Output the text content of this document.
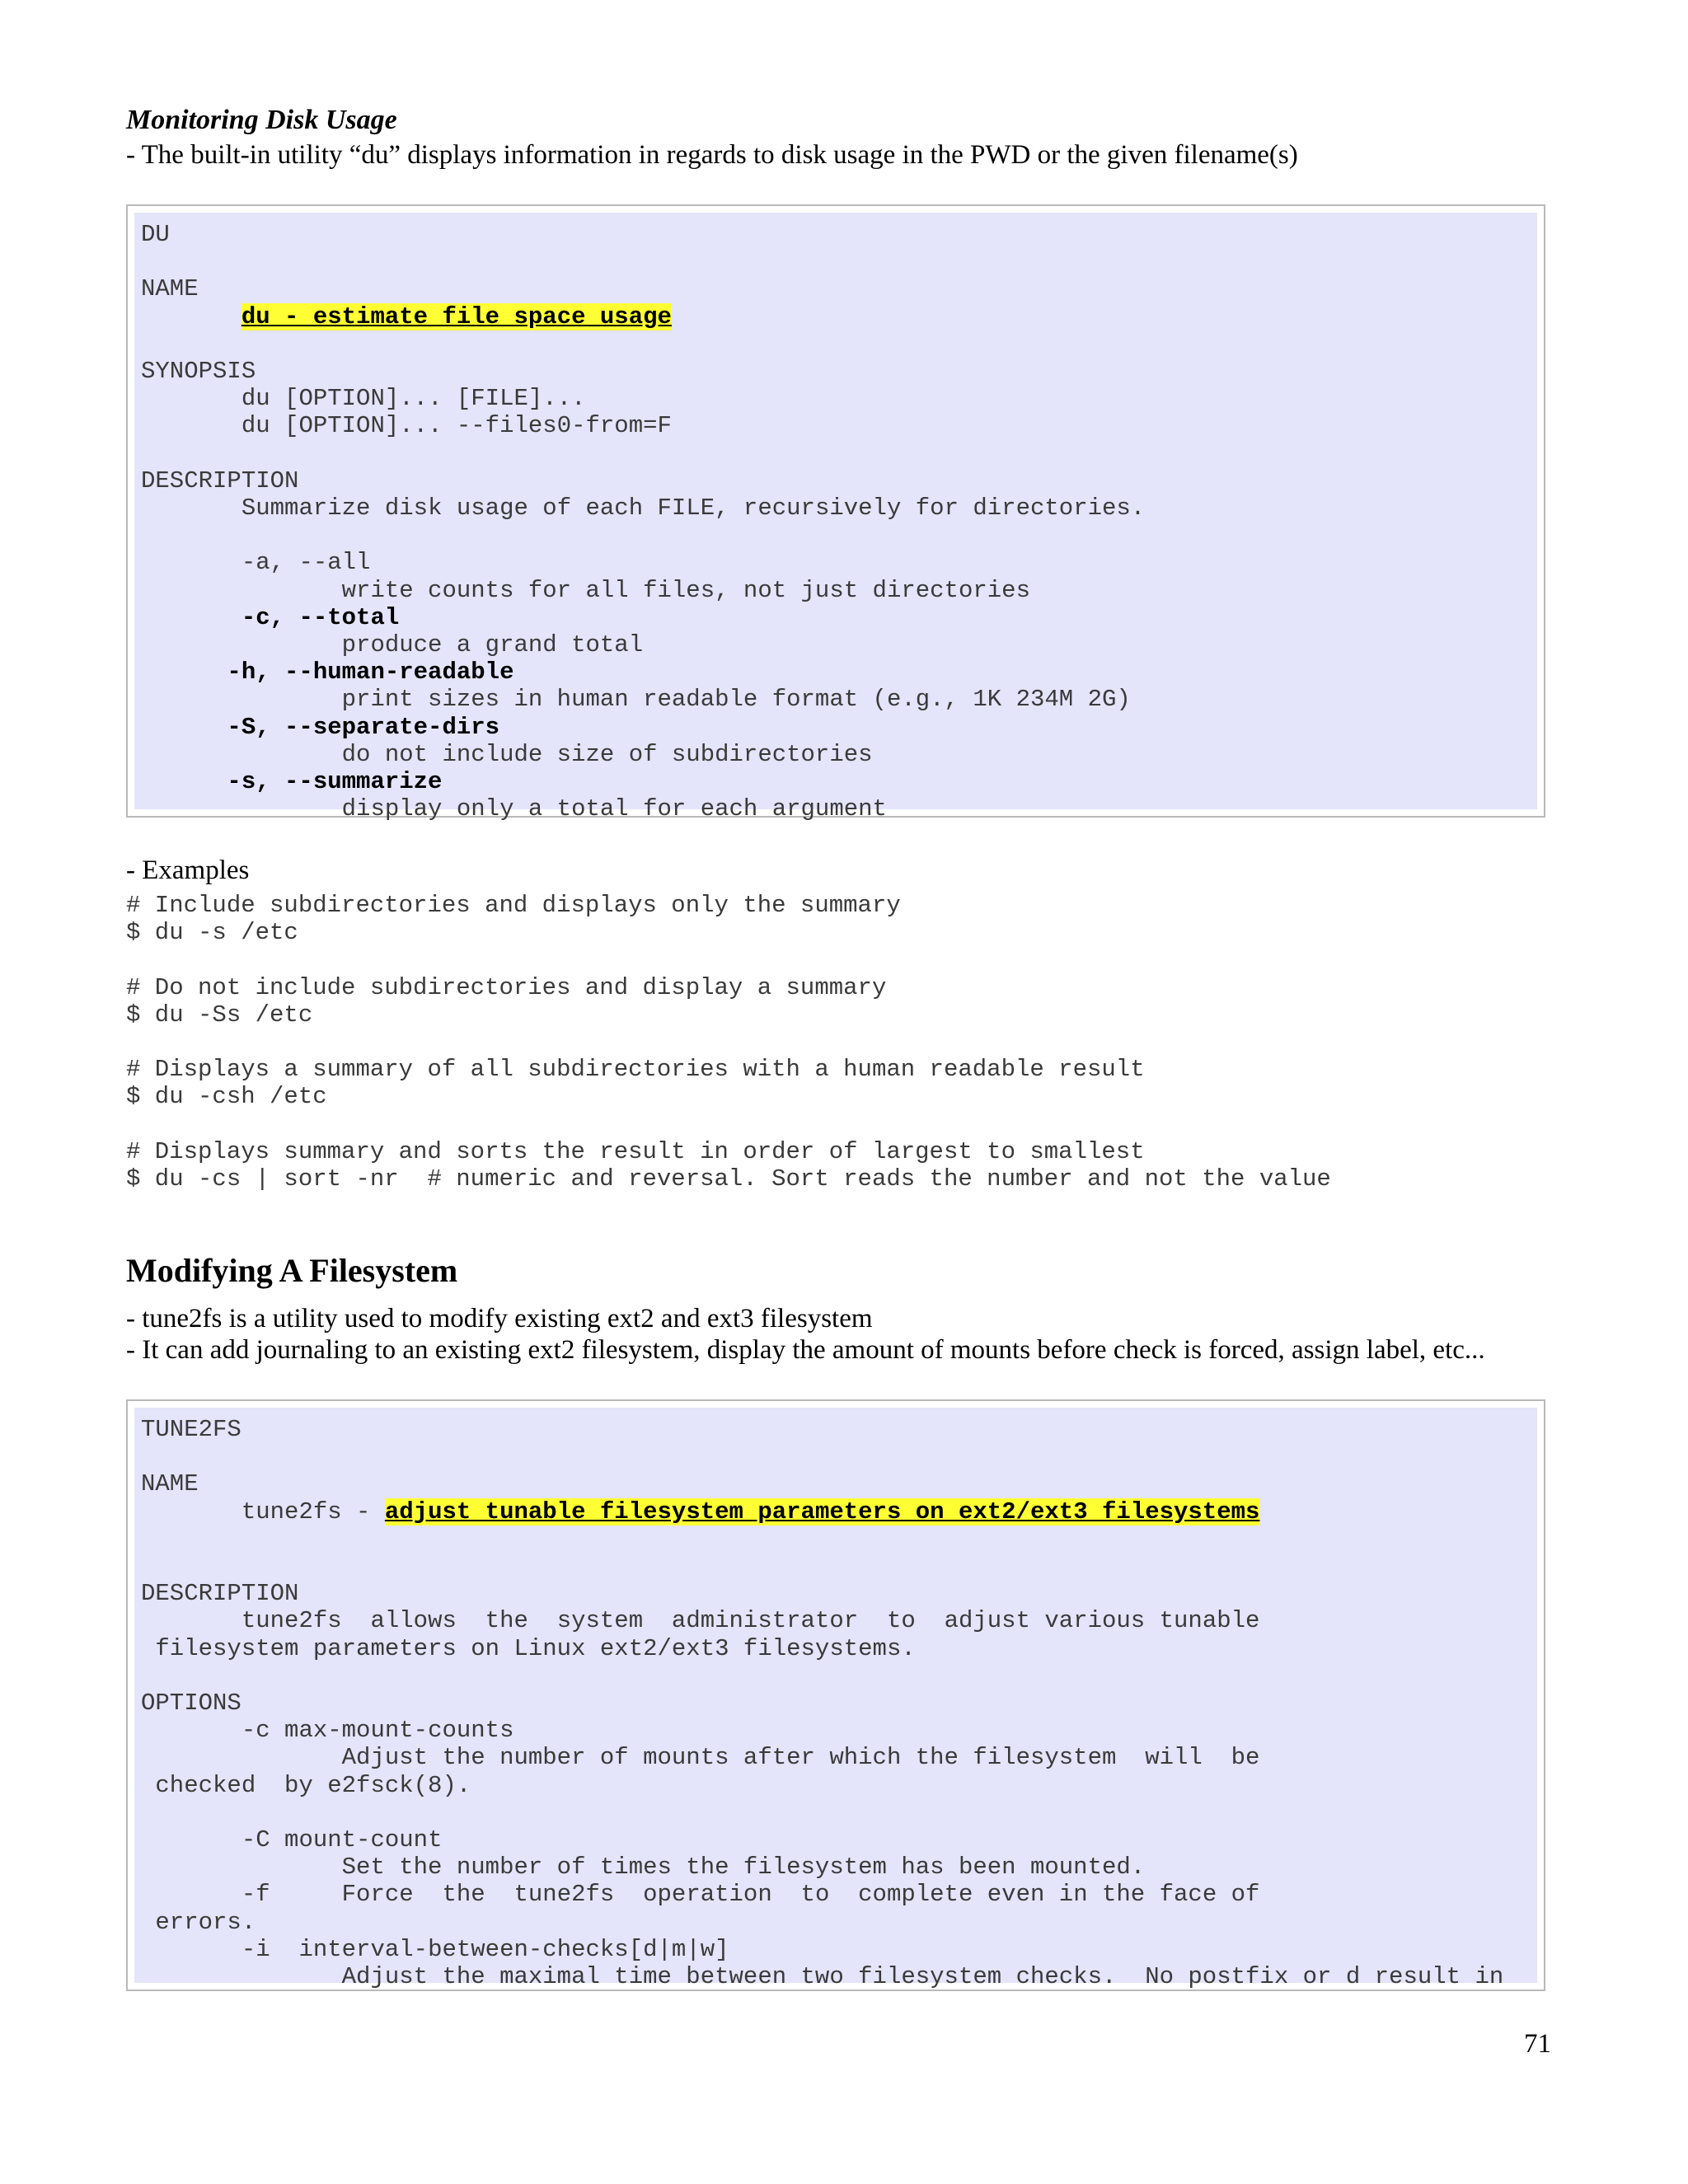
Monitoring Disk Usage
- The built-in utility “du” displays information in regards to disk usage in the PWD or the given filename(s)
DU

NAME
du - estimate file space usage

SYNOPSIS
du [OPTION]... [FILE]...
du [OPTION]... --files0-from=F

DESCRIPTION
Summarize disk usage of each FILE, recursively for directories.

-a, --all
write counts for all files, not just directories
-c, --total
produce a grand total
-h, --human-readable
print sizes in human readable format (e.g., 1K 234M 2G)
-S, --separate-dirs
do not include size of subdirectories
-s, --summarize
display only a total for each argument
- Examples
# Include subdirectories and displays only the summary
$ du -s /etc

# Do not include subdirectories and display a summary
$ du -Ss /etc

# Displays a summary of all subdirectories with a human readable result
$ du -csh /etc

# Displays summary and sorts the result in order of largest to smallest
$ du -cs | sort -nr  # numeric and reversal. Sort reads the number and not the value
Modifying A Filesystem
- tune2fs is a utility used to modify existing ext2 and ext3 filesystem
- It can add journaling to an existing ext2 filesystem, display the amount of mounts before check is forced, assign label, etc...
TUNE2FS

NAME
tune2fs - adjust tunable filesystem parameters on ext2/ext3 filesystems

DESCRIPTION
tune2fs  allows  the  system  administrator  to  adjust various tunable
filesystem parameters on Linux ext2/ext3 filesystems.

OPTIONS
-c max-mount-counts
Adjust the number of mounts after which the filesystem  will  be
checked  by e2fsck(8).

-C mount-count
Set the number of times the filesystem has been mounted.
-f	Force  the  tune2fs  operation  to  complete even in the face of
errors.
-i  interval-between-checks[d|m|w]
Adjust the maximal time between two filesystem checks.  No postfix or d result in
71
